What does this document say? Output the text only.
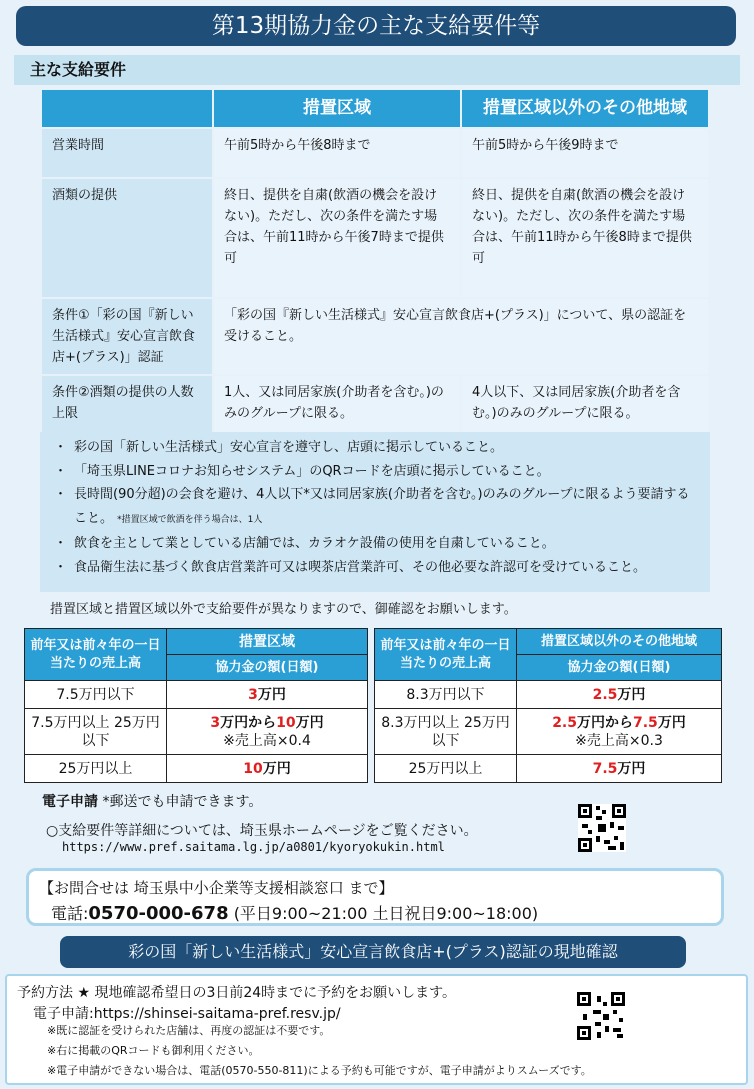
第13期協力金の主な支給要件等
主な支給要件
	措置区域	措置区域以外のその他地域
営業時間	午前5時から午後8時まで	午前5時から午後9時まで
酒類の提供	終日、提供を自粛(飲酒の機会を設けない)。ただし、次の条件を満たす場合は、午前11時から午後7時まで提供可	終日、提供を自粛(飲酒の機会を設けない)。ただし、次の条件を満たす場合は、午前11時から午後8時まで提供可
条件①「彩の国『新しい生活様式』安心宣言飲食店+(プラス)」認証	「彩の国『新しい生活様式』安心宣言飲食店+(プラス)」について、県の認証を受けること。	
条件②酒類の提供の人数上限	1人、又は同居家族(介助者を含む。)のみのグループに限る。	4人以下、又は同居家族(介助者を含む。)のみのグループに限る。
・ 彩の国「新しい生活様式」安心宣言を遵守し、店頭に掲示していること。
・ 「埼玉県LINEコロナお知らせシステム」のQRコードを店頭に掲示していること。
・ 長時間(90分超)の会食を避け、4人以下*又は同居家族(介助者を含む。)のみのグループに限るよう要請すること。 *措置区域で飲酒を伴う場合は、1人
・ 飲食を主として業としている店舗では、カラオケ設備の使用を自粛していること。
・ 食品衛生法に基づく飲食店営業許可又は喫茶店営業許可、その他必要な許認可を受けていること。
措置区域と措置区域以外で支給要件が異なりますので、御確認をお願いします。
前年又は前々年の一日当たりの売上高	措置区域
	協力金の額(日額)
7.5万円以下	3万円
7.5万円以上 25万円以下	3万円から10万円
※売上高×0.4
25万円以上	10万円
前年又は前々年の一日当たりの売上高	措置区域以外のその他地域
	協力金の額(日額)
8.3万円以下	2.5万円
8.3万円以上 25万円以下	2.5万円から7.5万円
※売上高×0.3
25万円以上	7.5万円
電子申請 *郵送でも申請できます。
○支給要件等詳細については、埼玉県ホームページをご覧ください。
https://www.pref.saitama.lg.jp/a0801/kyoryokukin.html
【お問合せは 埼玉県中小企業等支援相談窓口 まで】
電話:0570-000-678 (平日9:00~21:00 土日祝日9:00~18:00)
彩の国「新しい生活様式」安心宣言飲食店+(プラス)認証の現地確認
予約方法 ★ 現地確認希望日の3日前24時までに予約をお願いします。
電子申請:https://shinsei-saitama-pref.resv.jp/
※既に認証を受けられた店舗は、再度の認証は不要です。
※右に掲載のQRコードも御利用ください。
※電子申請ができない場合は、電話(0570-550-811)による予約も可能ですが、電子申請がよりスムーズです。
